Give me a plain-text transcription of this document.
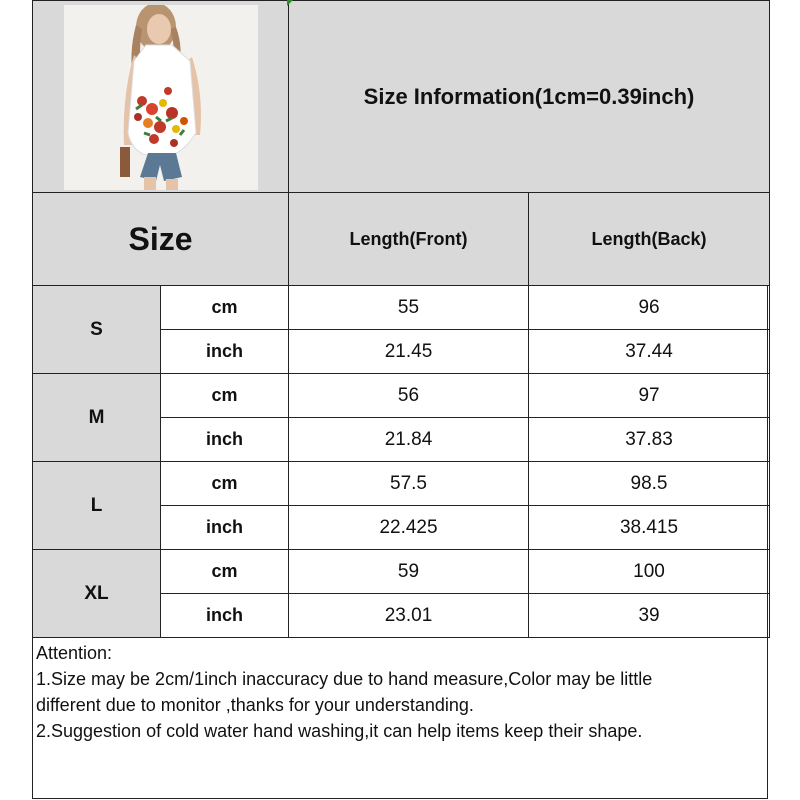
	Size Information(1cm=0.39inch)	
Size		Length(Front)	Length(Back)
S	cm	55	96
	inch	21.45	37.44
M	cm	56	97
	inch	21.84	37.83
L	cm	57.5	98.5
	inch	22.425	38.415
XL	cm	59	100
	inch	23.01	39
Attention:
1.Size may be 2cm/1inch inaccuracy due to hand measure,Color may be little
different due to monitor ,thanks for your understanding.
2.Suggestion of cold water hand washing,it can help items keep their shape.
